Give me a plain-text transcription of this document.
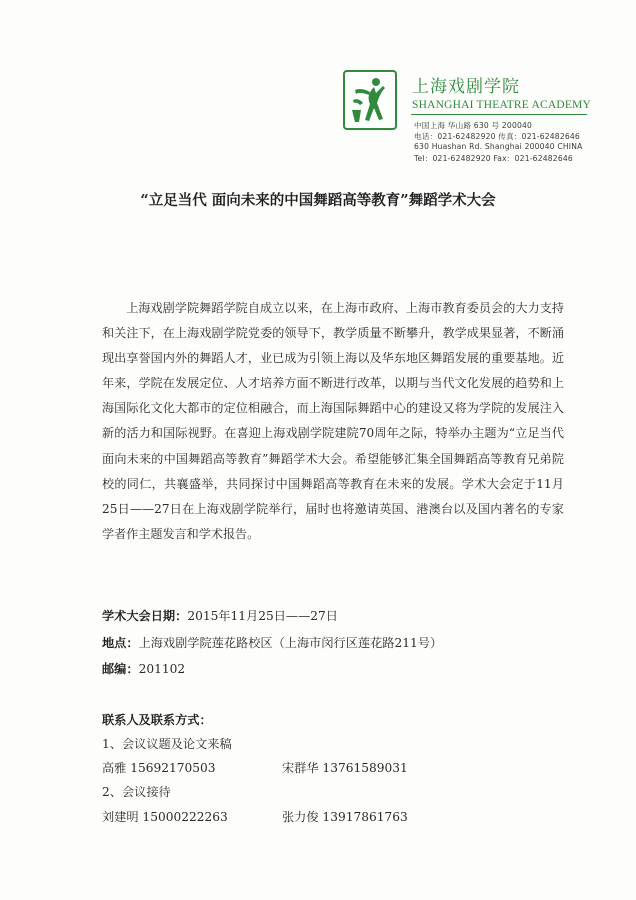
上海戏剧学院
SHANGHAI THEATRE ACADEMY
中国上海 华山路 630 号 200040
电话：021-62482920 传真：021-62482646
630 Huashan Rd. Shanghai 200040 CHINA
Tel：021-62482920 Fax：021-62482646
“立足当代 面向未来的中国舞蹈高等教育”舞蹈学术大会
上海戏剧学院舞蹈学院自成立以来，在上海市政府、上海市教育委员会的大力支持和关注下，在上海戏剧学院党委的领导下，教学质量不断攀升，教学成果显著，不断涌现出享誉国内外的舞蹈人才，业已成为引领上海以及华东地区舞蹈发展的重要基地。近年来，学院在发展定位、人才培养方面不断进行改革，以期与当代文化发展的趋势和上海国际化文化大都市的定位相融合，而上海国际舞蹈中心的建设又将为学院的发展注入新的活力和国际视野。在喜迎上海戏剧学院建院70周年之际，特举办主题为“立足当代 面向未来的中国舞蹈高等教育”舞蹈学术大会。希望能够汇集全国舞蹈高等教育兄弟院校的同仁，共襄盛举，共同探讨中国舞蹈高等教育在未来的发展。学术大会定于11月25日——27日在上海戏剧学院举行，届时也将邀请英国、港澳台以及国内著名的专家学者作主题发言和学术报告。
学术大会日期：2015年11月25日——27日
地点：上海戏剧学院莲花路校区（上海市闵行区莲花路211号）
邮编：201102
联系人及联系方式：
1、会议议题及论文来稿
高雅 15692170503	宋群华 13761589031
2、会议接待
刘建明 15000222263	张力俊 13917861763
